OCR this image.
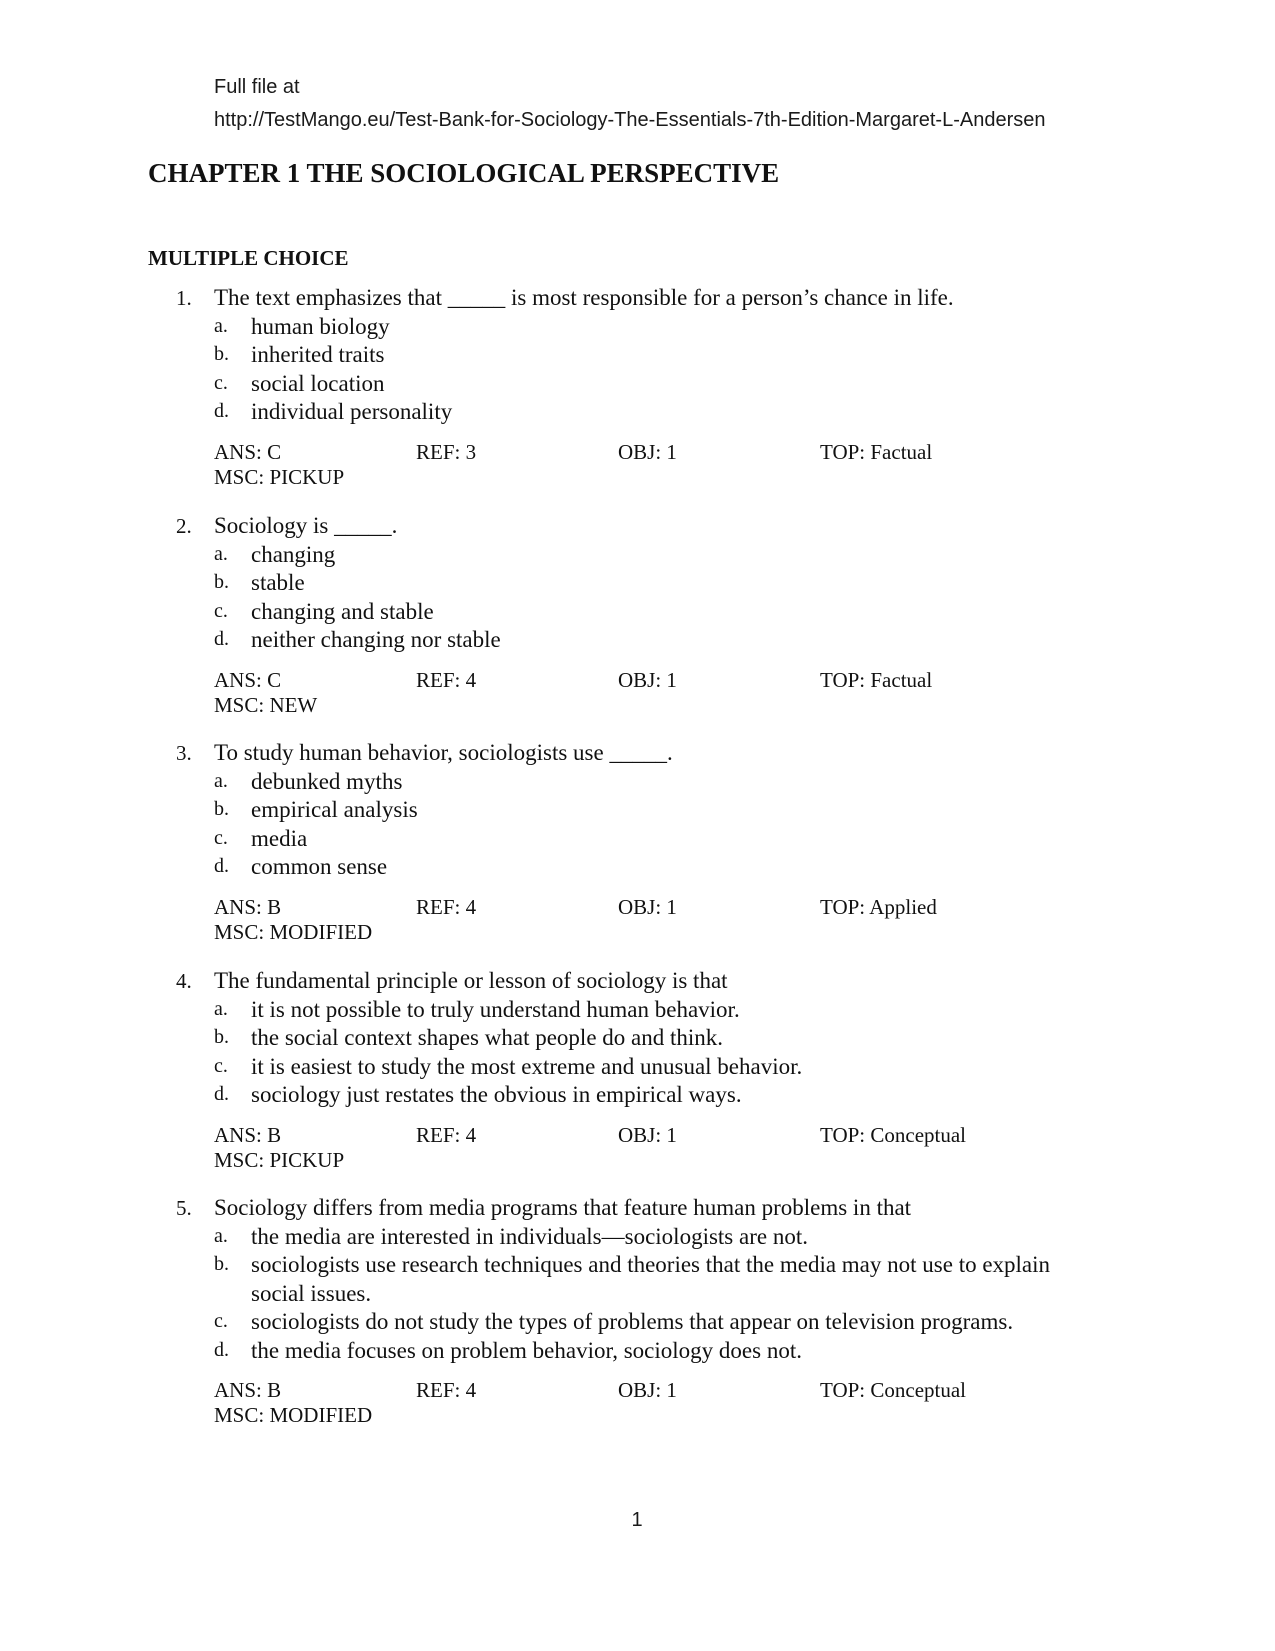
Full file at
http://TestMango.eu/Test-Bank-for-Sociology-The-Essentials-7th-Edition-Margaret-L-Andersen
CHAPTER 1 THE SOCIOLOGICAL PERSPECTIVE
MULTIPLE CHOICE
1. The text emphasizes that _____ is most responsible for a person’s chance in life.
a. human biology
b. inherited traits
c. social location
d. individual personality
ANS: C	REF: 3	OBJ: 1	TOP: Factual
MSC: PICKUP
2. Sociology is _____.
a. changing
b. stable
c. changing and stable
d. neither changing nor stable
ANS: C	REF: 4	OBJ: 1	TOP: Factual
MSC: NEW
3. To study human behavior, sociologists use _____.
a. debunked myths
b. empirical analysis
c. media
d. common sense
ANS: B	REF: 4	OBJ: 1	TOP: Applied
MSC: MODIFIED
4. The fundamental principle or lesson of sociology is that
a. it is not possible to truly understand human behavior.
b. the social context shapes what people do and think.
c. it is easiest to study the most extreme and unusual behavior.
d. sociology just restates the obvious in empirical ways.
ANS: B	REF: 4	OBJ: 1	TOP: Conceptual
MSC: PICKUP
5. Sociology differs from media programs that feature human problems in that
a. the media are interested in individuals—sociologists are not.
b. sociologists use research techniques and theories that the media may not use to explain social issues.
c. sociologists do not study the types of problems that appear on television programs.
d. the media focuses on problem behavior, sociology does not.
ANS: B	REF: 4	OBJ: 1	TOP: Conceptual
MSC: MODIFIED
1
